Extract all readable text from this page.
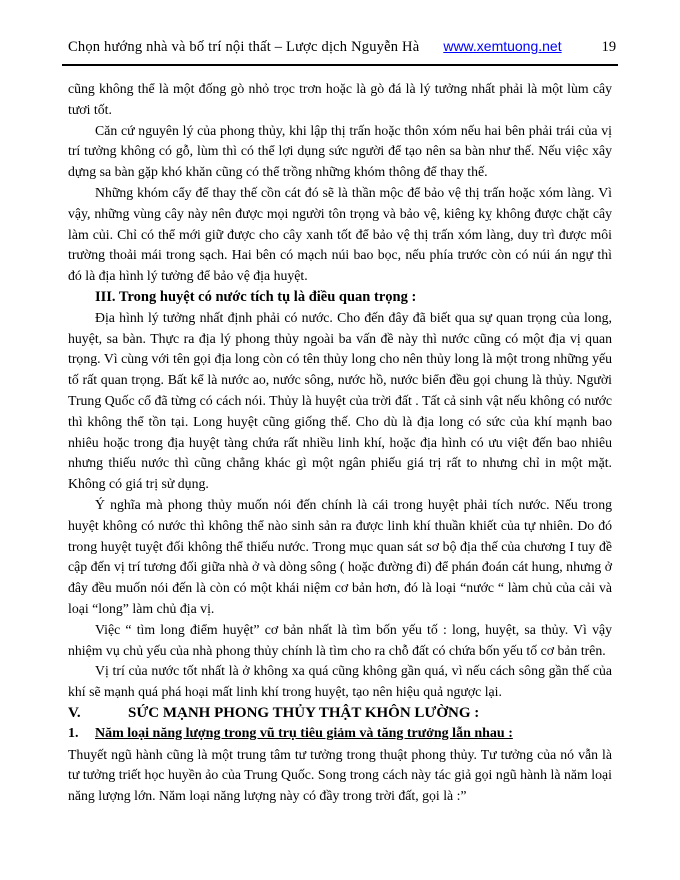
Chọn hướng nhà và bố trí nội thất – Lược dịch Nguyễn Hà www.xemtuong.net	19

cũng không thể là một đống gò nhỏ trọc trơn hoặc là gò đá là lý tưởng nhất phải là một lùm cây tươi tốt.

Căn cứ nguyên lý của phong thủy, khi lập thị trấn hoặc thôn xóm nếu hai bên phải trái của vị trí tưởng không có gỗ, lùm thì có thể lợi dụng sức người để tạo nên sa bàn như thế. Nếu việc xây dựng sa bàn gặp khó khăn cũng có thể trồng những khóm thông để thay thế.

Những khóm cẩy để thay thế cồn cát đó sẽ là thần mộc để bảo vệ thị trấn hoặc xóm làng. Vì vậy, những vùng cây này nên được mọi người tôn trọng và bảo vệ, kiêng kỵ không được chặt cây làm củi. Chỉ có thể mới giữ được cho cây xanh tốt để bảo vệ thị trấn xóm làng, duy trì được môi trường thoải mái trong sạch. Hai bên có mạch núi bao bọc, nếu phía trước còn có núi án ngự thì đó là địa hình lý tưởng để bảo vệ địa huyệt.

III. Trong huyệt có nước tích tụ là điều quan trọng :

Địa hình lý tưởng nhất định phải có nước. Cho đến đây đã biết qua sự quan trọng của long, huyệt, sa bàn. Thực ra địa lý phong thủy ngoài ba vấn đề này thì nước cũng có một địa vị quan trọng. Vì cùng với tên gọi địa long còn có tên thủy long cho nên thủy long là một trong những yếu tố rất quan trọng. Bất kể là nước ao, nước sông, nước hồ, nước biển đều gọi chung là thủy. Người Trung Quốc cổ đã từng có cách nói. Thủy là huyệt của trời đất . Tất cả sinh vật nếu không có nước thì không thể tồn tại. Long huyệt cũng giống thế. Cho dù là địa long có sức của khí mạnh bao nhiêu hoặc trong địa huyệt tàng chứa rất nhiều linh khí, hoặc địa hình có ưu việt đến bao nhiêu nhưng thiếu nước thì cũng chẳng khác gì một ngân phiếu giá trị rất to nhưng chỉ in một mặt. Không có giá trị sử dụng.

Ý nghĩa mà phong thủy muốn nói đến chính là cái trong huyệt phải tích nước. Nếu trong huyệt không có nước thì không thể nào sinh sản ra được linh khí thuần khiết của tự nhiên. Do đó trong huyệt tuyệt đối không thể thiếu nước. Trong mục quan sát sơ bộ địa thế của chương I tuy đề cập đến vị trí tương đối giữa nhà ở và dòng sông ( hoặc đường đi) để phán đoán cát hung, nhưng ở đây đều muốn nói đến là còn có một khái niệm cơ bản hơn, đó là loại “nước “ làm chủ của cải và loại “long” làm chủ địa vị.

Việc “ tìm long điểm huyệt” cơ bản nhất là tìm bốn yếu tố : long, huyệt, sa thủy. Vì vậy nhiệm vụ chủ yếu của nhà phong thủy chính là tìm cho ra chỗ đất có chứa bốn yếu tố cơ bản trên.

Vị trí của nước tốt nhất là ở không xa quá cũng không gần quá, vì nếu cách sông gần thế của khí sẽ mạnh quá phá hoại mất linh khí trong huyệt, tạo nên hiệu quả ngược lại.

V.	SỨC MẠNH PHONG THỦY THẬT KHÔN LƯỜNG :
1. Năm loại năng lượng trong vũ trụ tiêu giảm và tăng trưởng lẫn nhau :

Thuyết ngũ hành cũng là một trung tâm tư tưởng trong thuật phong thủy. Tư tưởng của nó vẫn là tư tưởng triết học huyền ảo của Trung Quốc. Song trong cách này tác giả gọi ngũ hành là năm loại năng lượng lớn. Năm loại năng lượng này có đầy trong trời đất, gọi là :”
